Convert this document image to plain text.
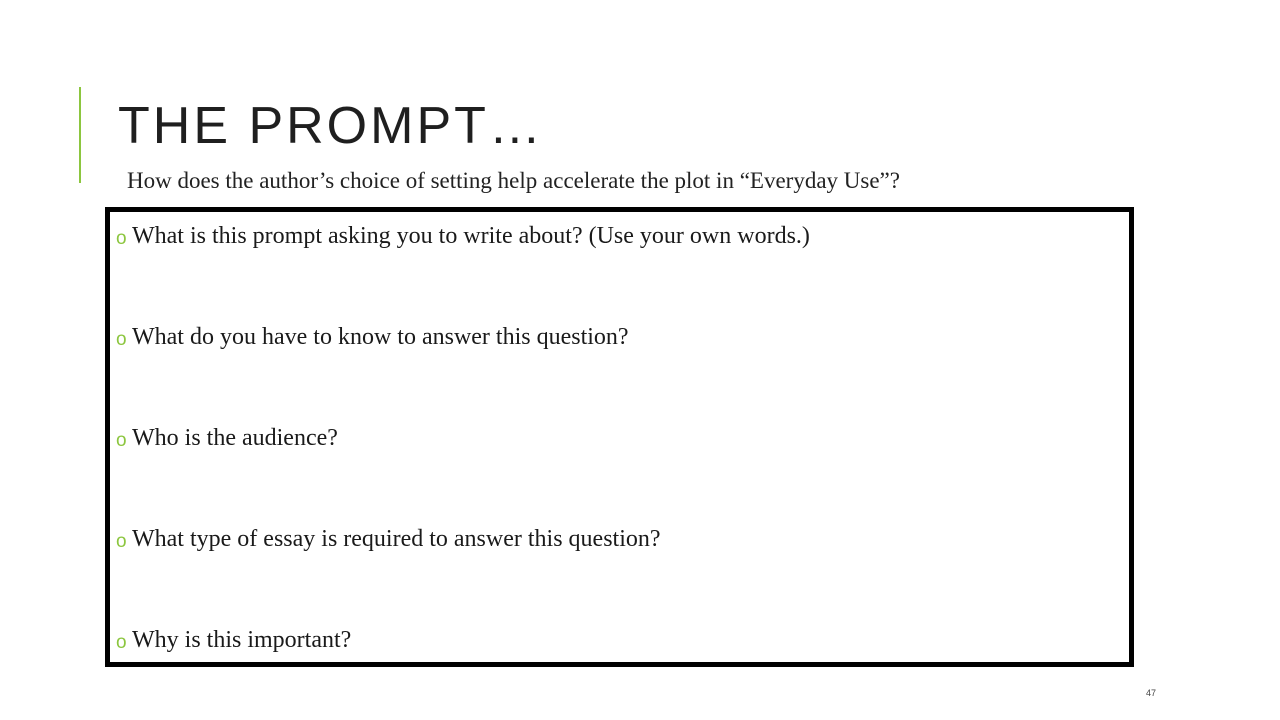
THE PROMPT…
How does the author’s choice of setting help accelerate the plot in “Everyday Use”?
o What is this prompt asking you to write about? (Use your own words.)
o What do you have to know to answer this question?
o Who is the audience?
o What type of essay is required to answer this question?
o Why is this important?
47
